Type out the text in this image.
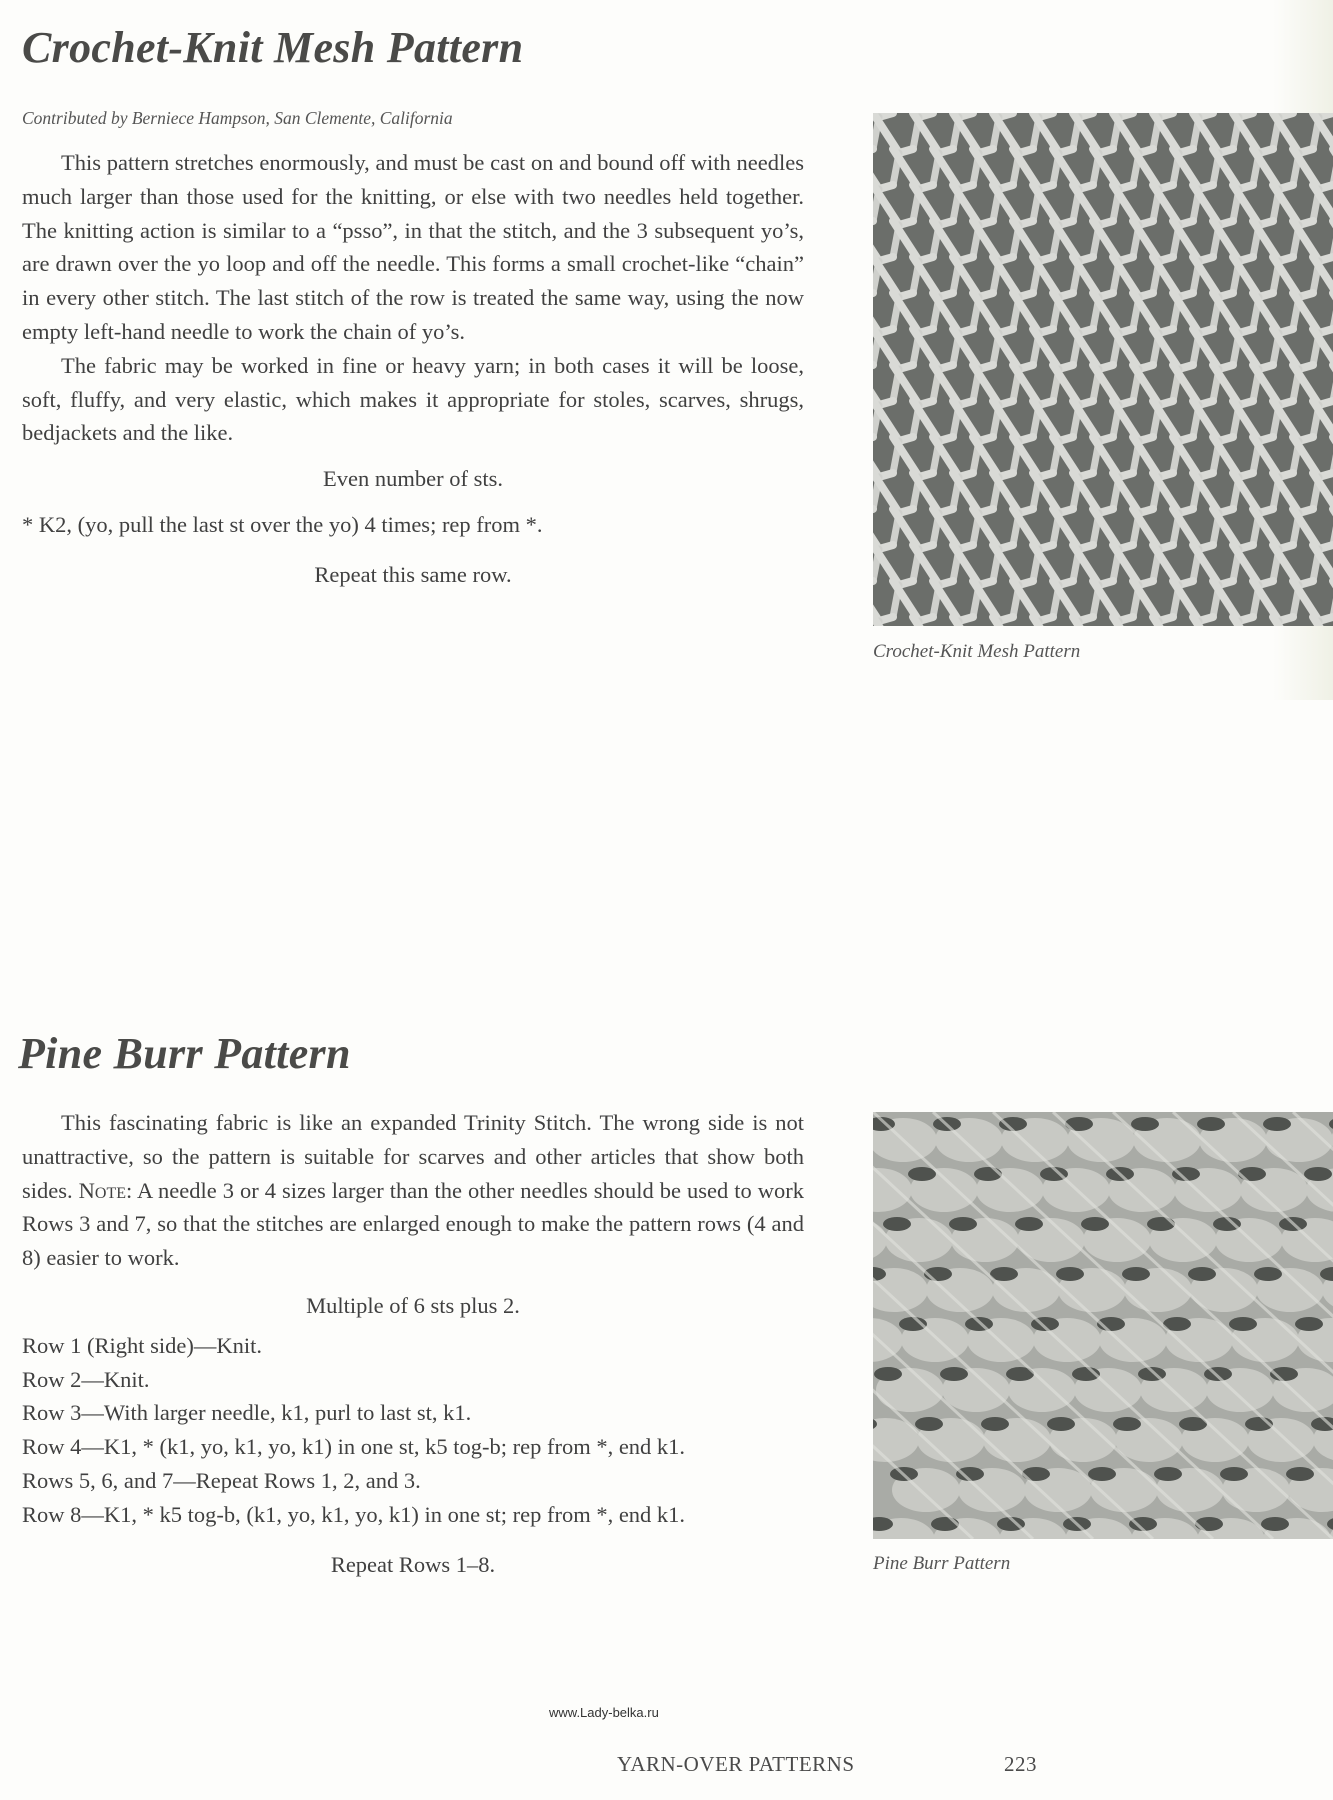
Crochet-Knit Mesh Pattern
Contributed by Berniece Hampson, San Clemente, California

This pattern stretches enormously, and must be cast on and bound off with needles much larger than those used for the knitting, or else with two needles held together. The knitting action is similar to a “psso”, in that the stitch, and the 3 subsequent yo’s, are drawn over the yo loop and off the needle. This forms a small crochet-like “chain” in every other stitch. The last stitch of the row is treated the same way, using the now empty left-hand needle to work the chain of yo’s.

The fabric may be worked in fine or heavy yarn; in both cases it will be loose, soft, fluffy, and very elastic, which makes it appropriate for stoles, scarves, shrugs, bedjackets and the like.

Even number of sts.

* K2, (yo, pull the last st over the yo) 4 times; rep from *.

Repeat this same row.

Crochet-Knit Mesh Pattern
Pine Burr Pattern

This fascinating fabric is like an expanded Trinity Stitch. The wrong side is not unattractive, so the pattern is suitable for scarves and other articles that show both sides. Note: A needle 3 or 4 sizes larger than the other needles should be used to work Rows 3 and 7, so that the stitches are enlarged enough to make the pattern rows (4 and 8) easier to work.

Multiple of 6 sts plus 2.

Row 1 (Right side)—Knit.

Row 2—Knit.

Row 3—With larger needle, k1, purl to last st, k1.

Row 4—K1, * (k1, yo, k1, yo, k1) in one st, k5 tog-b; rep from *, end k1.

Rows 5, 6, and 7—Repeat Rows 1, 2, and 3.

Row 8—K1, * k5 tog-b, (k1, yo, k1, yo, k1) in one st; rep from *, end k1.

Repeat Rows 1–8.	Pine Burr Pattern
www.Lady-belka.ru
YARN-OVER PATTERNS	223
